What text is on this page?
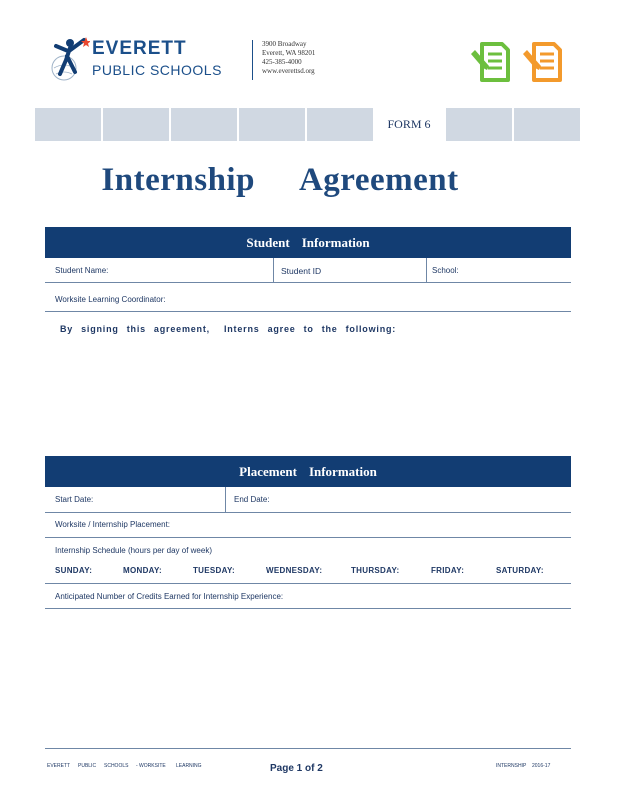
EVERETT
PUBLIC SCHOOLS
3900 Broadway
Everett, WA 98201
425-385-4000
www.everettsd.org
FORM 6
Internship Agreement
Student Information
Student Name:	Student ID	School:
Worksite Learning Coordinator:
By signing this agreement, Interns agree to the following:
Placement Information
Start Date:	End Date:
Worksite / Internship Placement:
Internship Schedule (hours per day of week)
SUNDAY:	MONDAY:	TUESDAY:	WEDNESDAY:	THURSDAY:	FRIDAY:	SATURDAY:
Anticipated Number of Credits Earned for Internship Experience:
EVERETT PUBLIC SCHOOLS - WORKSITE LEARNING	Page 1 of 2	INTERNSHIP 2016-17
